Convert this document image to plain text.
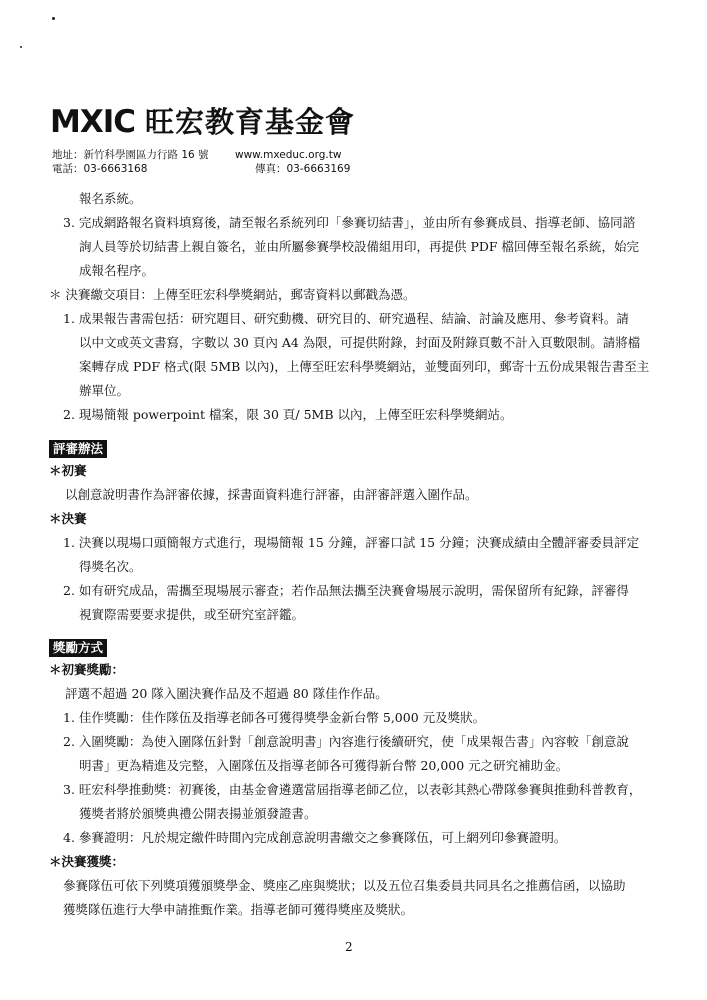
MXIC 旺宏教育基金會
地址：新竹科學園區力行路 16 號
電話：03-6663168
www.mxeduc.org.tw
傳真：03-6663169
報名系統。
3. 完成網路報名資料填寫後，請至報名系統列印「參賽切結書」，並由所有參賽成員、指導老師、協同諮
詢人員等於切結書上親自簽名，並由所屬參賽學校設備組用印，再提供 PDF 檔回傳至報名系統，始完
成報名程序。
＊ 決賽繳交項目：上傳至旺宏科學獎網站，郵寄資料以郵戳為憑。
1. 成果報告書需包括：研究題目、研究動機、研究目的、研究過程、結論、討論及應用、參考資料。請
以中文或英文書寫，字數以 30 頁內 A4 為限，可提供附錄，封面及附錄頁數不計入頁數限制。請將檔
案轉存成 PDF 格式(限 5MB 以內)，上傳至旺宏科學獎網站，並雙面列印，郵寄十五份成果報告書至主
辦單位。
2. 現場簡報 powerpoint 檔案，限 30 頁/ 5MB 以內，上傳至旺宏科學獎網站。
評審辦法
＊初賽
以創意說明書作為評審依據，採書面資料進行評審，由評審評選入圍作品。
＊決賽
1. 決賽以現場口頭簡報方式進行，現場簡報 15 分鐘，評審口試 15 分鐘；決賽成績由全體評審委員評定
得獎名次。
2. 如有研究成品，需攜至現場展示審查；若作品無法攜至決賽會場展示說明，需保留所有紀錄，評審得
視實際需要要求提供，或至研究室評鑑。
獎勵方式
＊初賽獎勵：
評選不超過 20 隊入圍決賽作品及不超過 80 隊佳作作品。
1. 佳作獎勵：佳作隊伍及指導老師各可獲得獎學金新台幣 5,000 元及獎狀。
2. 入圍獎勵：為使入圍隊伍針對「創意說明書」內容進行後續研究，使「成果報告書」內容較「創意說
明書」更為精進及完整，入圍隊伍及指導老師各可獲得新台幣 20,000 元之研究補助金。
3. 旺宏科學推動獎：初賽後，由基金會遴選當屆指導老師乙位，以表彰其熱心帶隊參賽與推動科普教育，
獲獎者將於頒獎典禮公開表揚並頒發證書。
4. 參賽證明：凡於規定繳件時間內完成創意說明書繳交之參賽隊伍，可上網列印參賽證明。
＊決賽獲獎：
參賽隊伍可依下列獎項獲頒獎學金、獎座乙座與獎狀；以及五位召集委員共同具名之推薦信函，以協助
獲獎隊伍進行大學申請推甄作業。指導老師可獲得獎座及獎狀。
2
